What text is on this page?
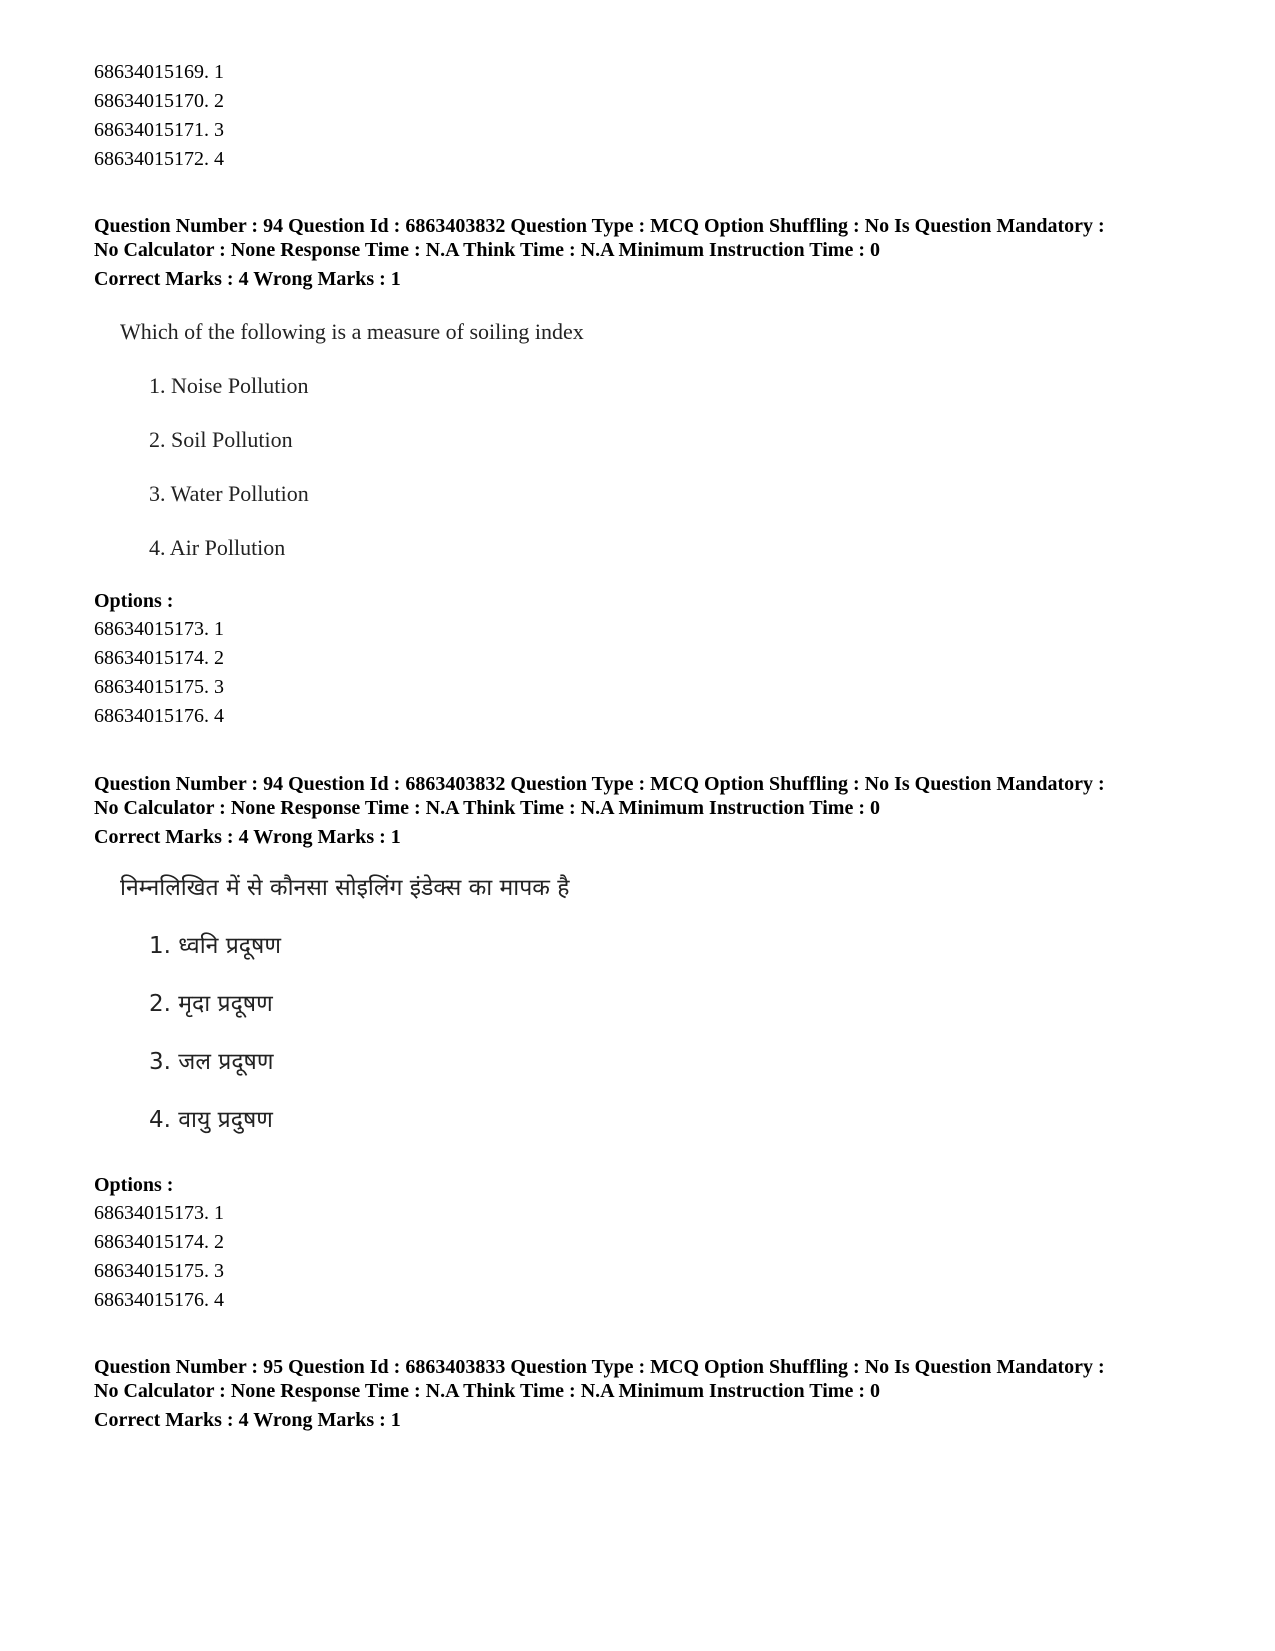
68634015169. 1
68634015170. 2
68634015171. 3
68634015172. 4
Question Number : 94 Question Id : 6863403832 Question Type : MCQ Option Shuffling : No Is Question Mandatory :
No Calculator : None Response Time : N.A Think Time : N.A Minimum Instruction Time : 0
Correct Marks : 4 Wrong Marks : 1
Which of the following is a measure of soiling index
1. Noise Pollution
2. Soil Pollution
3. Water Pollution
4. Air Pollution
Options :
68634015173. 1
68634015174. 2
68634015175. 3
68634015176. 4
Question Number : 94 Question Id : 6863403832 Question Type : MCQ Option Shuffling : No Is Question Mandatory :
No Calculator : None Response Time : N.A Think Time : N.A Minimum Instruction Time : 0
Correct Marks : 4 Wrong Marks : 1
निम्नलिखित में से कौनसा सोइलिंग इंडेक्स का मापक है
1. ध्वनि प्रदूषण
2. मृदा प्रदूषण
3. जल प्रदूषण
4. वायु प्रदुषण
Options :
68634015173. 1
68634015174. 2
68634015175. 3
68634015176. 4
Question Number : 95 Question Id : 6863403833 Question Type : MCQ Option Shuffling : No Is Question Mandatory :
No Calculator : None Response Time : N.A Think Time : N.A Minimum Instruction Time : 0
Correct Marks : 4 Wrong Marks : 1
